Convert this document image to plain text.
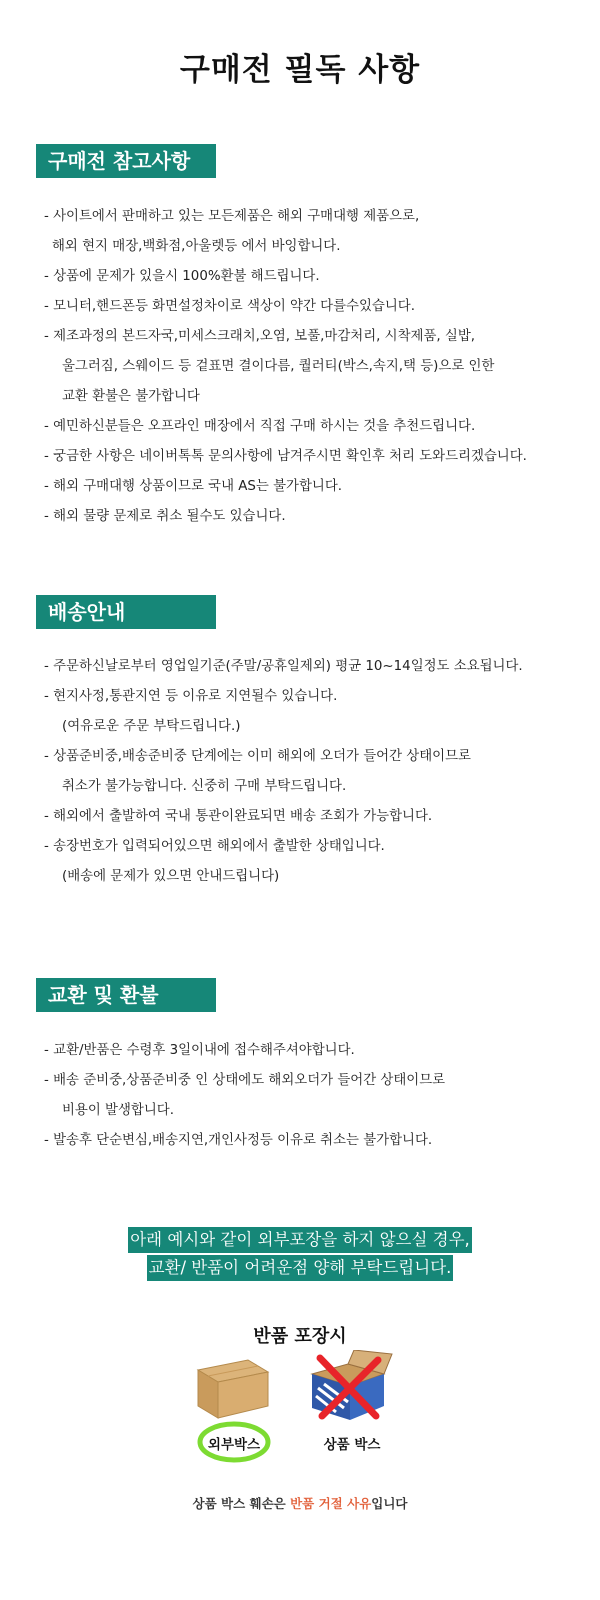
구매전 필독 사항
구매전 참고사항
- 사이트에서 판매하고 있는 모든제품은 해외 구매대행 제품으로,
해외 현지 매장,백화점,아울렛등 에서 바잉합니다.
- 상품에 문제가 있을시 100%환불 해드립니다.
- 모니터,핸드폰등 화면설정차이로 색상이 약간 다를수있습니다.
- 제조과정의 본드자국,미세스크래치,오염, 보풀,마감처리, 시착제품, 실밥,
울그러짐, 스웨이드 등 겉표면 결이다름, 퀄러티(박스,속지,택 등)으로 인한
교환 환불은 불가합니다
- 예민하신분들은 오프라인 매장에서 직접 구매 하시는 것을 추천드립니다.
- 궁금한 사항은 네이버톡톡 문의사항에 남겨주시면 확인후 처리 도와드리겠습니다.
- 해외 구매대행 상품이므로 국내 AS는 불가합니다.
- 해외 물량 문제로 취소 될수도 있습니다.
배송안내
- 주문하신날로부터 영업일기준(주말/공휴일제외) 평균 10~14일정도 소요됩니다.
- 현지사정,통관지연 등 이유로 지연될수 있습니다.
(여유로운 주문 부탁드립니다.)
- 상품준비중,배송준비중 단계에는 이미 해외에 오더가 들어간 상태이므로
취소가 불가능합니다. 신중히 구매 부탁드립니다.
- 해외에서 출발하여 국내 통관이완료되면 배송 조회가 가능합니다.
- 송장번호가 입력되어있으면 해외에서 출발한 상태입니다.
(배송에 문제가 있으면 안내드립니다)
교환 및 환불
- 교환/반품은 수령후 3일이내에 접수해주셔야합니다.
- 배송 준비중,상품준비중 인 상태에도 해외오더가 들어간 상태이므로
비용이 발생합니다.
- 발송후 단순변심,배송지연,개인사정등 이유로 취소는 불가합니다.
아래 예시와 같이 외부포장을 하지 않으실 경우,
교환/ 반품이 어려운점 양해 부탁드립니다.
반품 포장시
외부박스	상품 박스
상품 박스 훼손은 반품 거절 사유입니다
